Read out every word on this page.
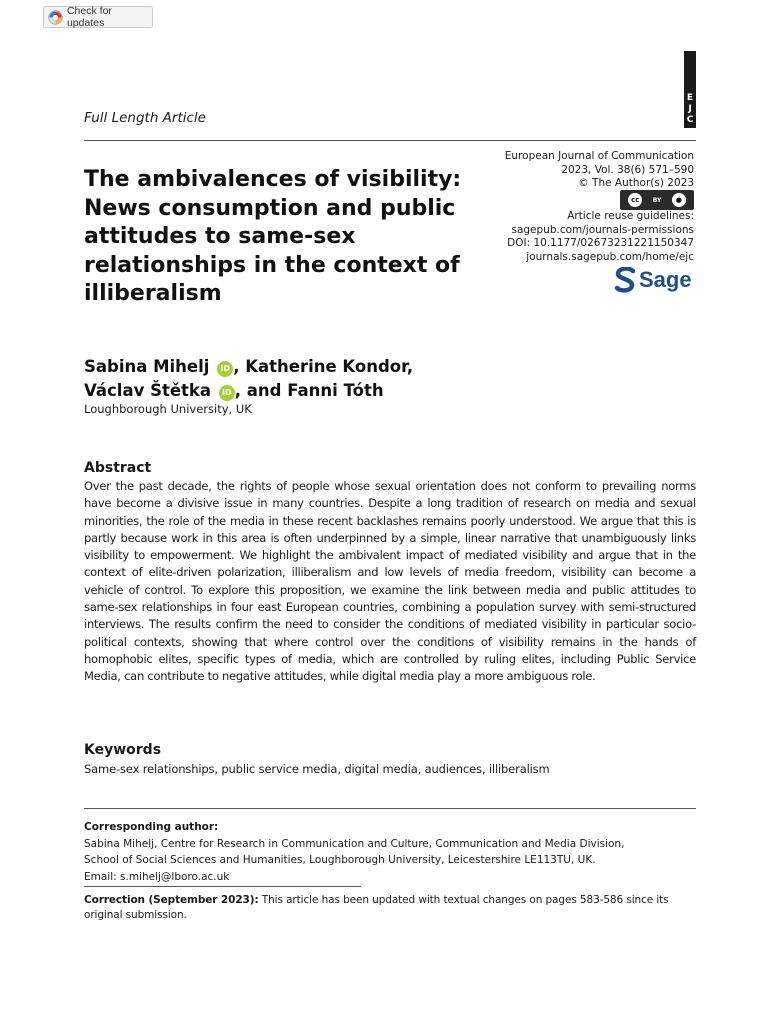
Check for updates
E
J
C
Full Length Article
The ambivalences of visibility: News consumption and public attitudes to same-sex relationships in the context of illiberalism
European Journal of Communication
2023, Vol. 38(6) 571–590
© The Author(s) 2023
cc	BY	●
Article reuse guidelines:
sagepub.com/journals-permissions
DOI: 10.1177/02673231221150347
journals.sagepub.com/home/ejc
Sage
Sabina Mihelj iD , Katherine Kondor,
Václav Štětka iD , and Fanni Tóth
Loughborough University, UK
Abstract
Over the past decade, the rights of people whose sexual orientation does not conform to prevailing norms have become a divisive issue in many countries. Despite a long tradition of research on media and sexual minorities, the role of the media in these recent backlashes remains poorly understood. We argue that this is partly because work in this area is often underpinned by a simple, linear narrative that unambiguously links visibility to empowerment. We highlight the ambivalent impact of mediated visibility and argue that in the context of elite-driven polarization, illiberalism and low levels of media freedom, visibility can become a vehicle of control. To explore this proposition, we examine the link between media and public attitudes to same-sex relationships in four east European countries, combining a population survey with semi-structured interviews. The results confirm the need to consider the conditions of mediated visibility in particular socio-political contexts, showing that where control over the conditions of visibility remains in the hands of homophobic elites, specific types of media, which are controlled by ruling elites, including Public Service Media, can contribute to negative attitudes, while digital media play a more ambiguous role.
Keywords
Same-sex relationships, public service media, digital media, audiences, illiberalism
Corresponding author:
Sabina Mihelj, Centre for Research in Communication and Culture, Communication and Media Division,
School of Social Sciences and Humanities, Loughborough University, Leicestershire LE113TU, UK.
Email: s.mihelj@lboro.ac.uk
Correction (September 2023): This article has been updated with textual changes on pages 583-586 since its original submission.
